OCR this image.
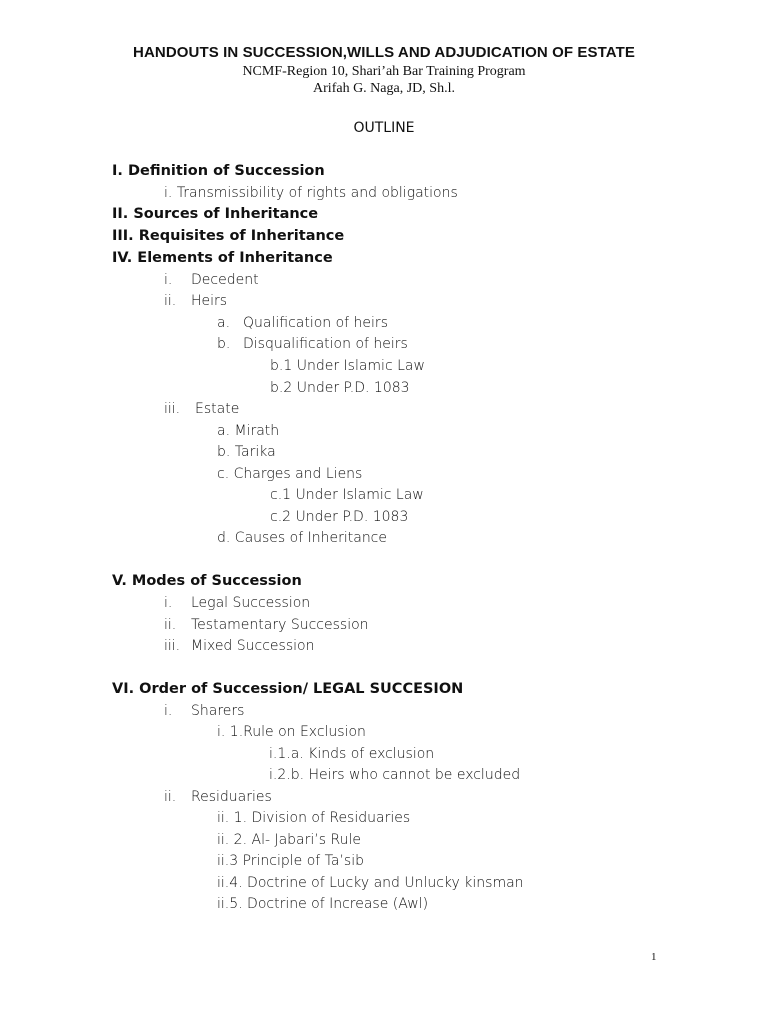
HANDOUTS IN SUCCESSION,WILLS AND ADJUDICATION OF ESTATE
NCMF-Region 10, Shari’ah Bar Training Program
Arifah G. Naga, JD, Sh.l.
OUTLINE
I. Definition of Succession
i. Transmissibility of rights and obligations
II. Sources of Inheritance
III. Requisites of Inheritance
IV. Elements of Inheritance
i. Decedent
ii. Heirs
a. Qualification of heirs
b. Disqualification of heirs
b.1 Under Islamic Law
b.2 Under P.D. 1083
iii. Estate
a. Mirath
b. Tarika
c. Charges and Liens
c.1 Under Islamic Law
c.2 Under P.D. 1083
d. Causes of Inheritance
V. Modes of Succession
i. Legal Succession
ii. Testamentary Succession
iii. Mixed Succession
VI. Order of Succession/ LEGAL SUCCESION
i. Sharers
i. 1.Rule on Exclusion
i.1.a. Kinds of exclusion
i.2.b. Heirs who cannot be excluded
ii. Residuaries
ii. 1. Division of Residuaries
ii. 2. Al- Jabari’s Rule
ii.3 Principle of Ta’sib
ii.4. Doctrine of Lucky and Unlucky kinsman
ii.5. Doctrine of Increase (Awl)
1
